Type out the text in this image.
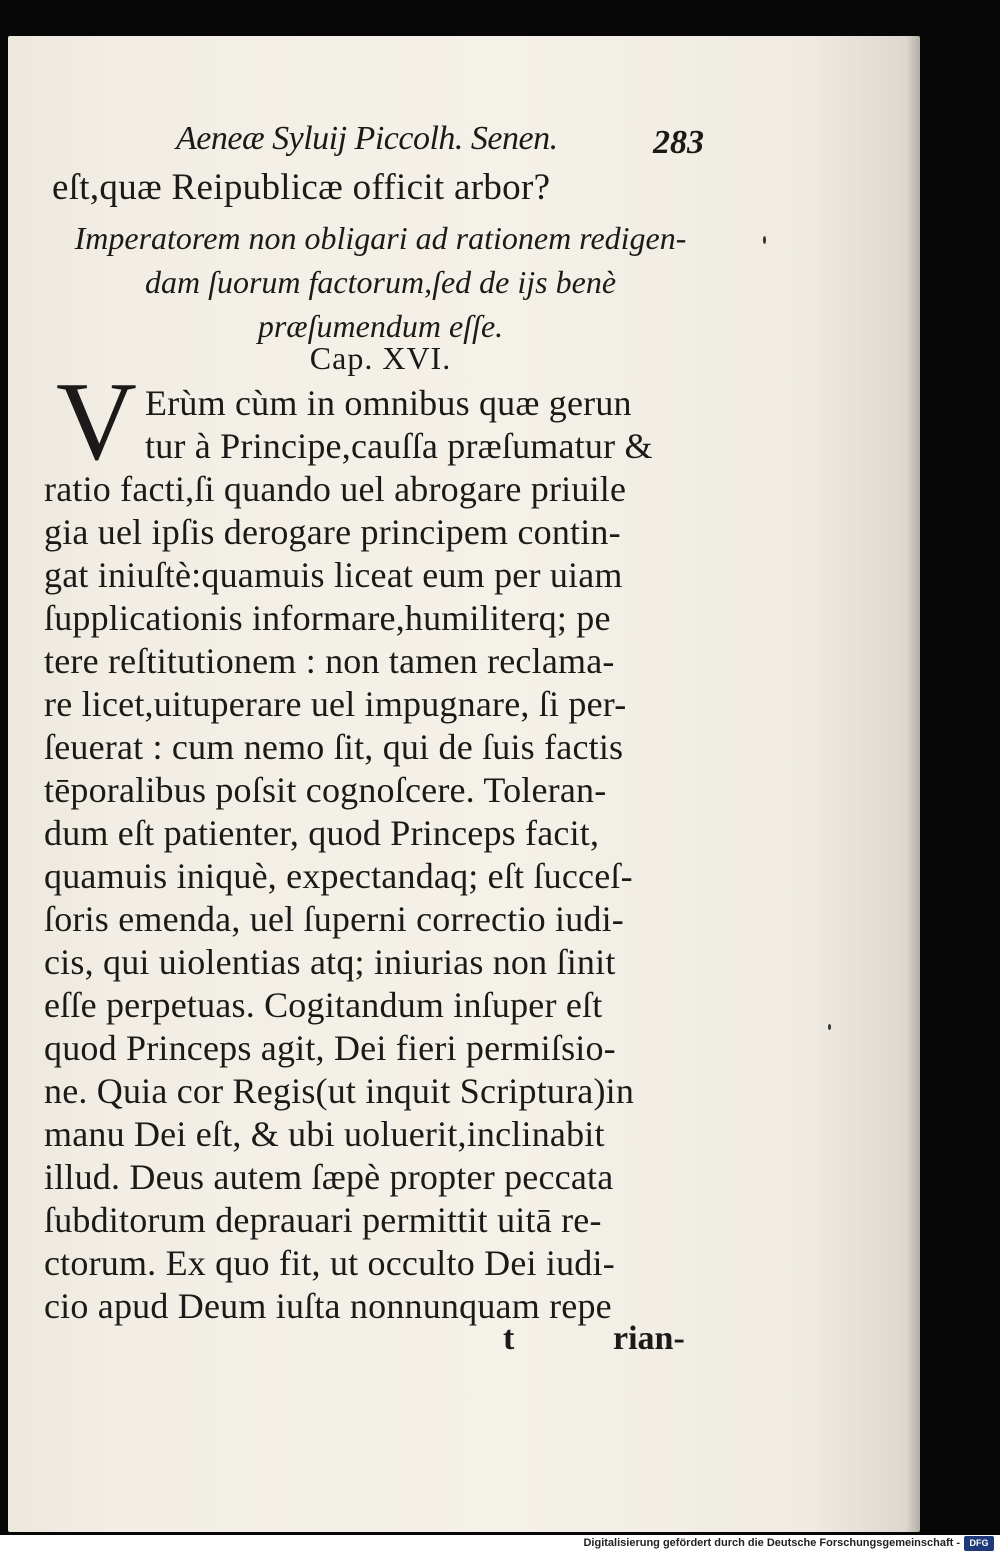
Aeneæ Syluij Piccolh. Senen.	283
eſt,quæ Reipublicæ officit arbor?
Imperatorem non obligari ad rationem redigen-
dam ſuorum factorum,ſed de ijs benè
præſumendum eſſe.
Cap. XVI.
V Erùm cùm in omnibus quæ gerun
tur à Principe,cauſſa præſumatur &
ratio facti,ſi quando uel abrogare priuile
gia uel ipſis derogare principem contin-
gat iniuſtè:quamuis liceat eum per uiam
ſupplicationis informare,humiliterq; pe
tere reſtitutionem : non tamen reclama-
re licet,uituperare uel impugnare, ſi per-
ſeuerat : cum nemo ſit, qui de ſuis factis
tēporalibus poſsit cognoſcere. Toleran-
dum eſt patienter, quod Princeps facit,
quamuis iniquè, expectandaq; eſt ſucceſ-
ſoris emenda, uel ſuperni correctio iudi-
cis, qui uiolentias atq; iniurias non ſinit
eſſe perpetuas. Cogitandum inſuper eſt
quod Princeps agit, Dei fieri permiſsio-
ne. Quia cor Regis(ut inquit Scriptura)in
manu Dei eſt, & ubi uoluerit,inclinabit
illud. Deus autem ſæpè propter peccata
ſubditorum deprauari permittit uitā re-
ctorum. Ex quo fit, ut occulto Dei iudi-
cio apud Deum iuſta nonnunquam repe
t	rian-
Digitalisierung gefördert durch die Deutsche Forschungsgemeinschaft -	DFG
